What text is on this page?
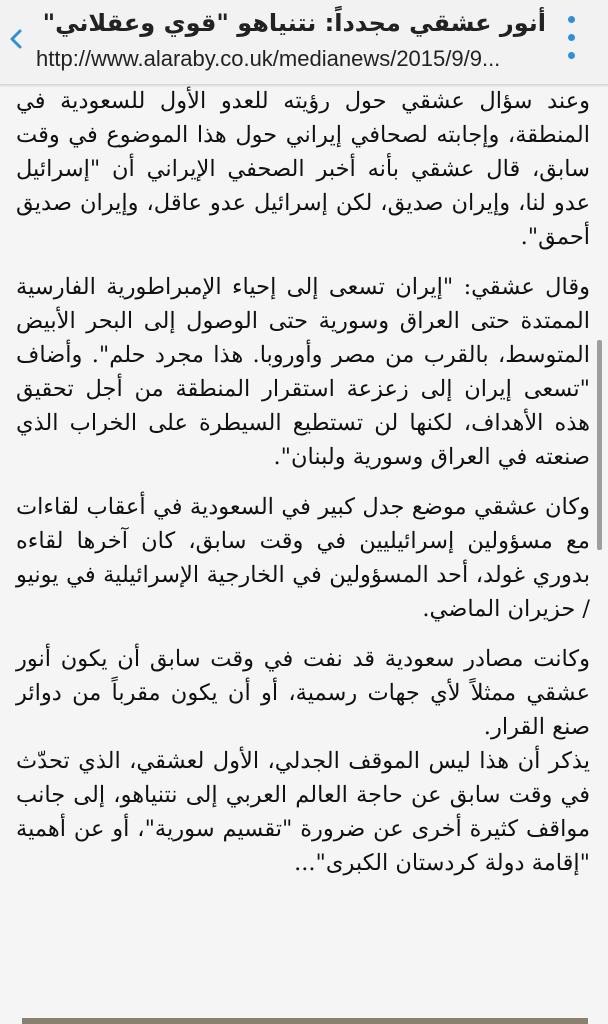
أنور عشقي مجدداً: نتنياهو "قوي وعقلاني"
http://www.alaraby.co.uk/medianews/2015/9/9...

وعند سؤال عشقي حول رؤيته للعدو الأول للسعودية في المنطقة، وإجابته لصحافي إيراني حول هذا الموضوع في وقت سابق، قال عشقي بأنه أخبر الصحفي الإيراني أن "إسرائيل عدو لنا، وإيران صديق، لكن إسرائيل عدو عاقل، وإيران صديق أحمق".

وقال عشقي: "إيران تسعى إلى إحياء الإمبراطورية الفارسية الممتدة حتى العراق وسورية حتى الوصول إلى البحر الأبيض المتوسط، بالقرب من مصر وأوروبا. هذا مجرد حلم". وأضاف "تسعى إيران إلى زعزعة استقرار المنطقة من أجل تحقيق هذه الأهداف، لكنها لن تستطيع السيطرة على الخراب الذي صنعته في العراق وسورية ولبنان".

وكان عشقي موضع جدل كبير في السعودية في أعقاب لقاءات مع مسؤولين إسرائيليين في وقت سابق، كان آخرها لقاءه بدوري غولد، أحد المسؤولين في الخارجية الإسرائيلية في يونيو / حزيران الماضي.

وكانت مصادر سعودية قد نفت في وقت سابق أن يكون أنور عشقي ممثلاً لأي جهات رسمية، أو أن يكون مقرباً من دوائر صنع القرار.

يذكر أن هذا ليس الموقف الجدلي، الأول لعشقي، الذي تحدّث في وقت سابق عن حاجة العالم العربي إلى نتنياهو، إلى جانب مواقف كثيرة أخرى عن ضرورة "تقسيم سورية"، أو عن أهمية "إقامة دولة كردستان الكبرى"...
